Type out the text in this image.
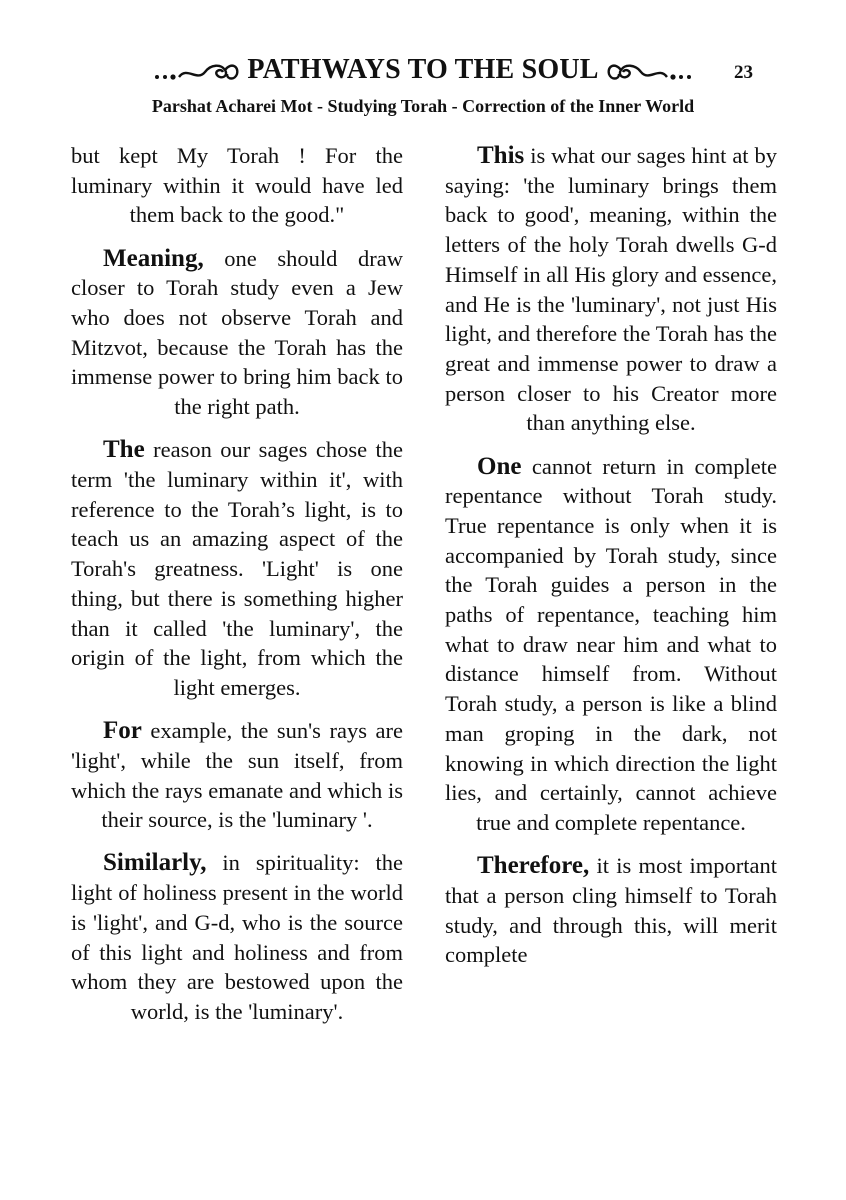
PATHWAYS TO THE SOUL	23
Parshat Acharei Mot - Studying Torah - Correction of the Inner World

but kept My Torah ! For the luminary within it would have led them back to the good."

Meaning, one should draw closer to Torah study even a Jew who does not observe Torah and Mitzvot, because the Torah has the immense power to bring him back to the right path.

The reason our sages chose the term 'the luminary within it', with reference to the Torah’s light, is to teach us an amazing aspect of the Torah's greatness. 'Light' is one thing, but there is something higher than it called 'the luminary', the origin of the light, from which the light emerges.

For example, the sun's rays are 'light', while the sun itself, from which the rays emanate and which is their source, is the 'luminary '.

Similarly, in spirituality: the light of holiness present in the world is 'light', and G-d, who is the source of this light and holiness and from whom they are bestowed upon the world, is the 'luminary'.

This is what our sages hint at by saying: 'the luminary brings them back to good', meaning, within the letters of the holy Torah dwells G-d Himself in all His glory and essence, and He is the 'luminary', not just His light, and therefore the Torah has the great and immense power to draw a person closer to his Creator more than anything else.

One cannot return in complete repentance without Torah study. True repentance is only when it is accompanied by Torah study, since the Torah guides a person in the paths of repentance, teaching him what to draw near him and what to distance himself from. Without Torah study, a person is like a blind man groping in the dark, not knowing in which direction the light lies, and certainly, cannot achieve true and complete repentance.

Therefore, it is most important that a person cling himself to Torah study, and through this, will merit complete
